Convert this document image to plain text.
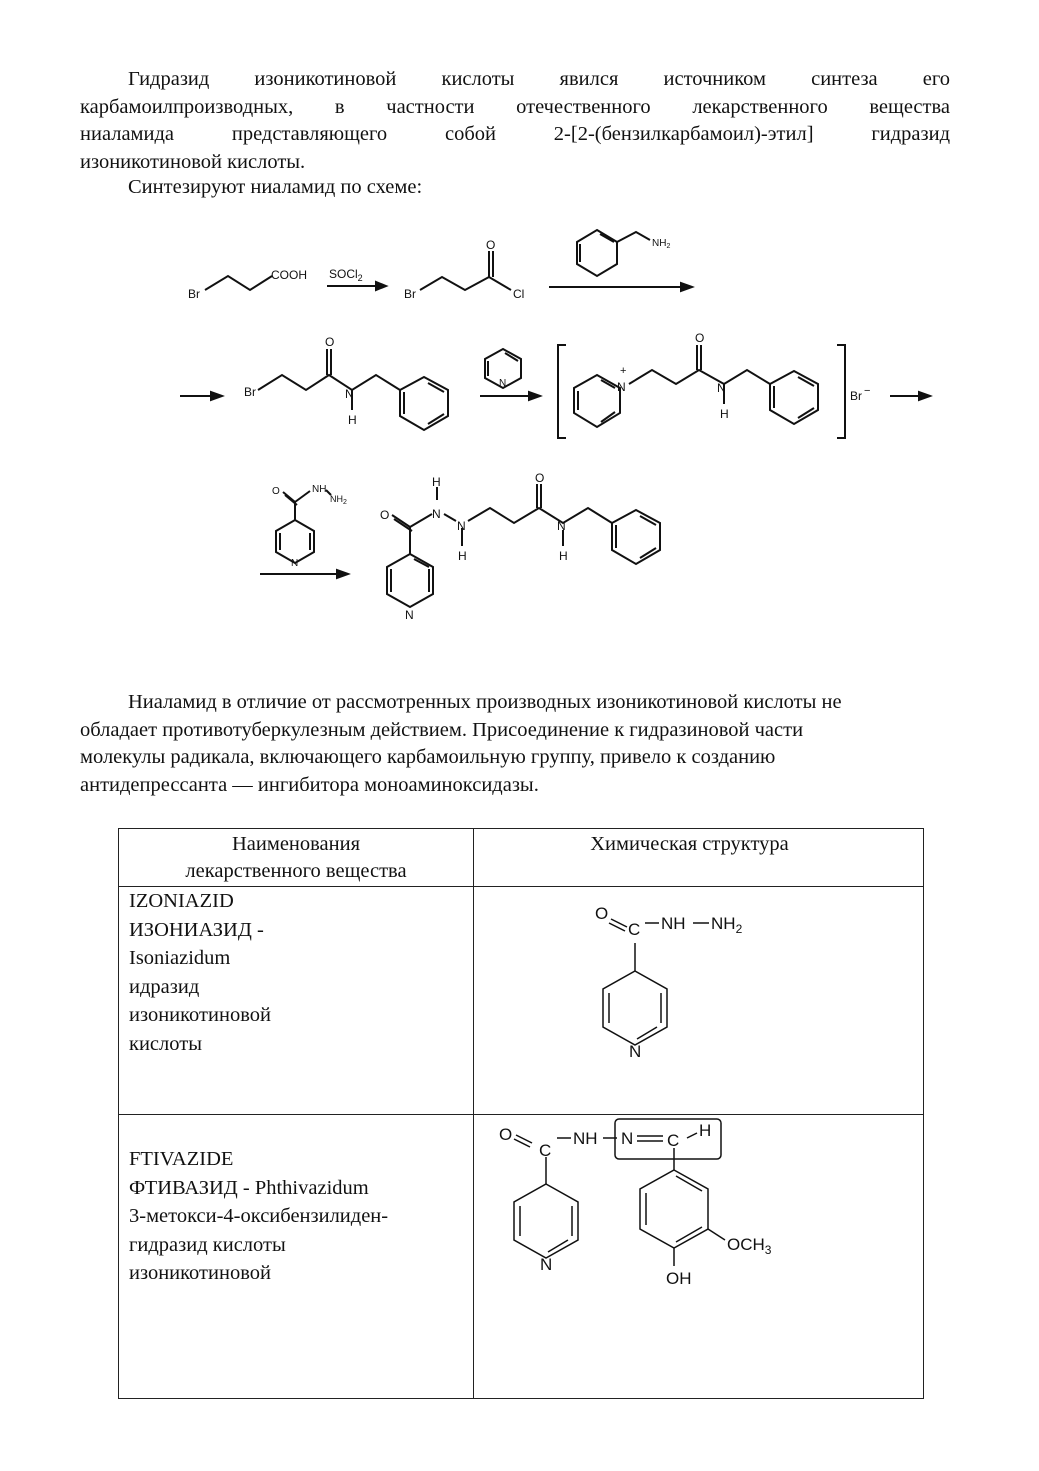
Гидразид изоникотиновой кислоты явился источником синтеза его
карбамоилпроизводных, в частности отечественного лекарственного вещества
ниаламида представляющего собой 2-[2-(бензилкарбамоил)-этил] гидразид
изоникотиновой кислоты.
Синтезируют ниаламид по схеме:
Br
COOH SOCl$_2$
Br
O
Cl
$NH_2$
Br
O
N
H
N	N
+
O
N
H
Br −
O	NH
$NH_2$
N
H
N
N
H
O
O
N
H
N
Ниаламид в отличие от рассмотренных производных изоникотиновой кислоты не
обладает противотуберкулезным действием. Присоединение к гидразиновой части
молекулы радикала, включающего карбамоильную группу, привело к созданию
антидепрессанта — ингибитора моноаминоксидазы.
Наименования
лекарственного вещества
Химическая структура
IZONIAZID
ИЗОНИАЗИД -
Isoniazidum
идразид
изоникотиновой
кислоты
O
C NH $NH_2$
N
FTIVAZIDE
ФТИВАЗИД - Phthivazidum
3-метокси-4-оксибензилиден-
гидразид кислоты
изоникотиновой
O
C
NH N C
H
$OCH_3$
OH
N
